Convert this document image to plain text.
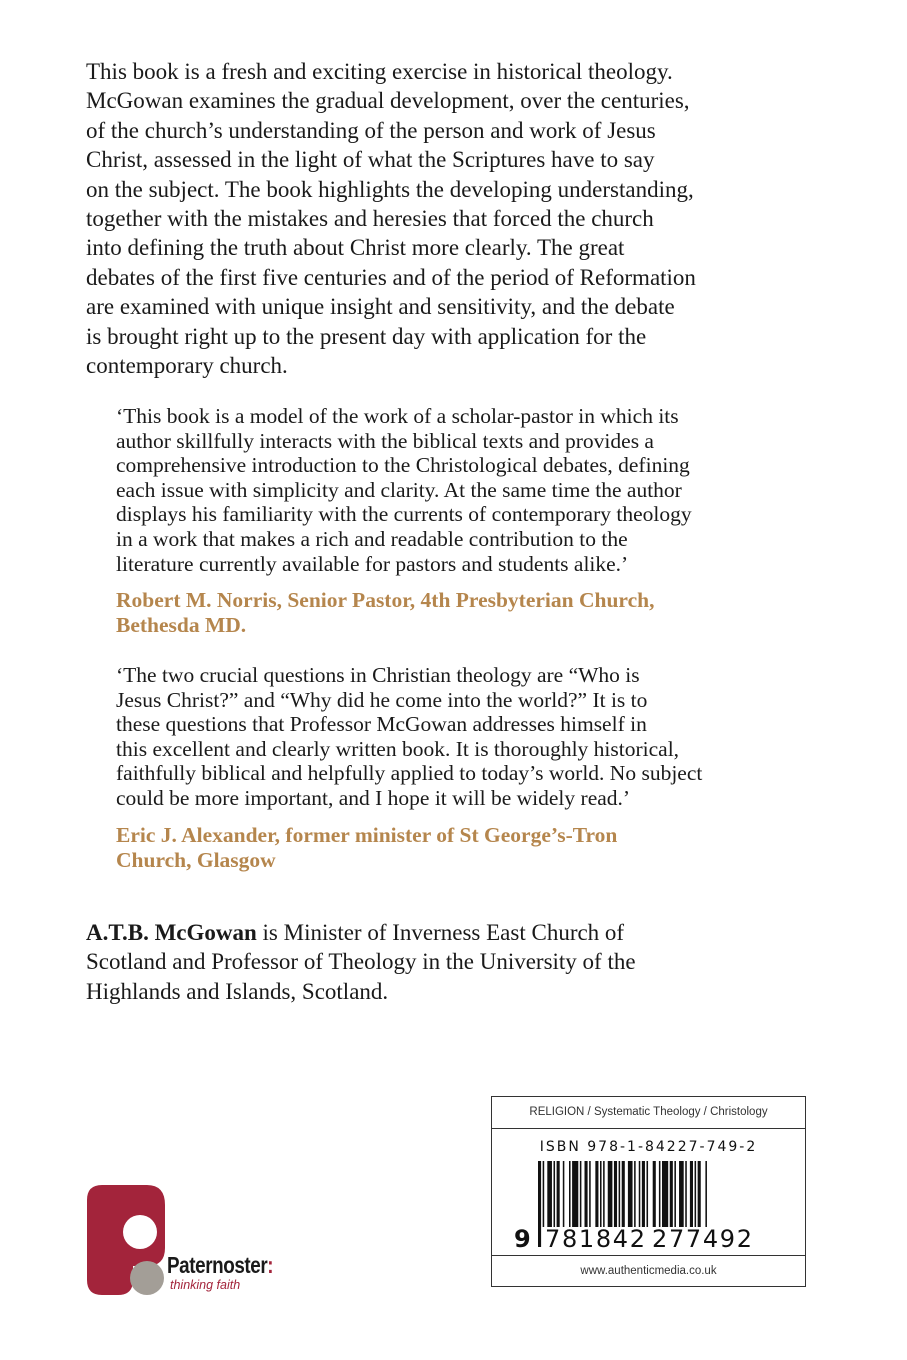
This book is a fresh and exciting exercise in historical theology.

McGowan examines the gradual development, over the centuries,

of the church’s understanding of the person and work of Jesus

Christ, assessed in the light of what the Scriptures have to say

on the subject. The book highlights the developing understanding,

together with the mistakes and heresies that forced the church

into defining the truth about Christ more clearly. The great

debates of the first five centuries and of the period of Reformation

are examined with unique insight and sensitivity, and the debate

is brought right up to the present day with application for the

contemporary church.

‘This book is a model of the work of a scholar-pastor in which its

author skillfully interacts with the biblical texts and provides a

comprehensive introduction to the Christological debates, defining

each issue with simplicity and clarity. At the same time the author

displays his familiarity with the currents of contemporary theology

in a work that makes a rich and readable contribution to the

literature currently available for pastors and students alike.’

Robert M. Norris, Senior Pastor, 4th Presbyterian Church,

Bethesda MD.

‘The two crucial questions in Christian theology are “Who is

Jesus Christ?” and “Why did he come into the world?” It is to

these questions that Professor McGowan addresses himself in

this excellent and clearly written book. It is thoroughly historical,

faithfully biblical and helpfully applied to today’s world. No subject

could be more important, and I hope it will be widely read.’

Eric J. Alexander, former minister of St George’s-Tron

Church, Glasgow

A.T.B. McGowan is Minister of Inverness East Church of
Scotland and Professor of Theology in the University of the
Highlands and Islands, Scotland.
Paternoster:
thinking faith
RELIGION / Systematic Theology / Christology
ISBN 978-1-84227-749-2
9 781842 277492
www.authenticmedia.co.uk
